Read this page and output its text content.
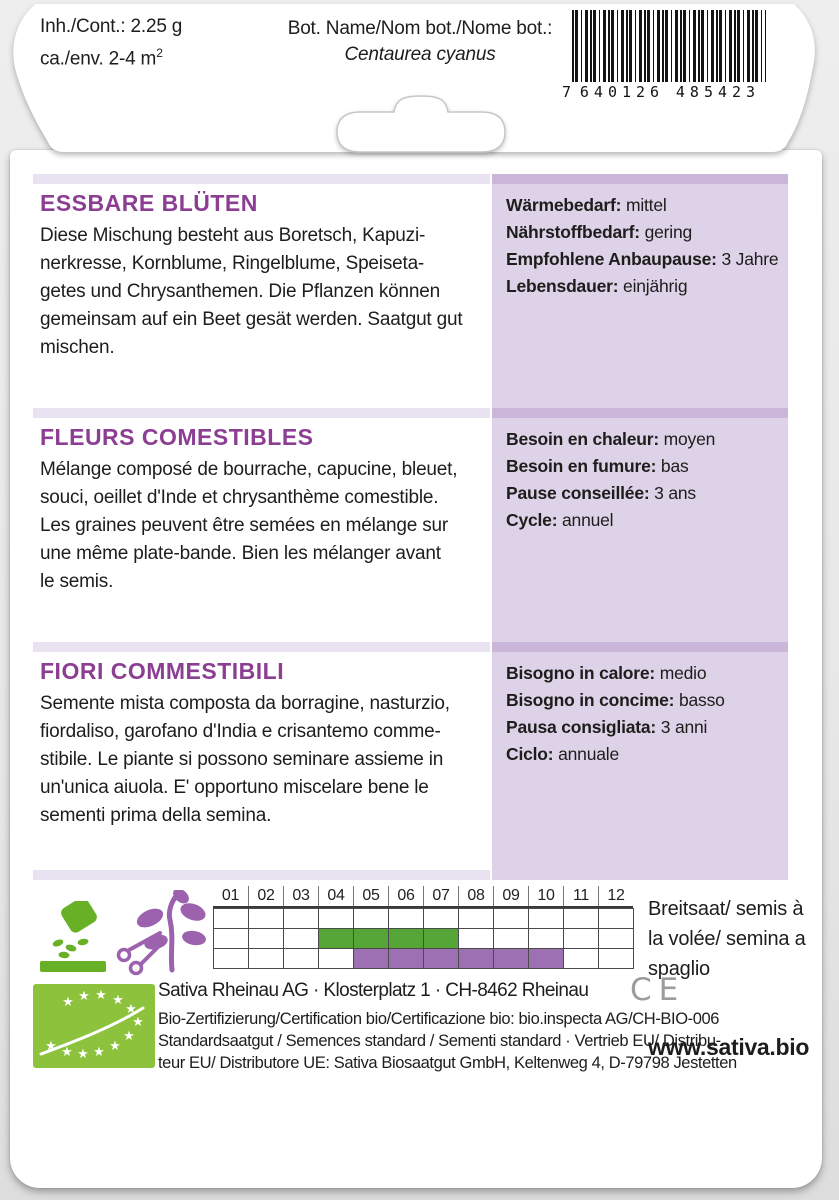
Inh./Cont.: 2.25 g
ca./env. 2-4 $m^2$
Bot. Name/Nom bot./Nome bot.:
Centaurea cyanus
7 640126 485423
ESSBARE BLÜTEN
Diese Mischung besteht aus Boretsch, Kapuzi-
nerkresse, Kornblume, Ringelblume, Speiseta-
getes und Chrysanthemen. Die Pflanzen können
gemeinsam auf ein Beet gesät werden. Saatgut gut
mischen.
Wärmebedarf: mittel
Nährstoffbedarf: gering
Empfohlene Anbaupause: 3 Jahre
Lebensdauer: einjährig
FLEURS COMESTIBLES
Mélange composé de bourrache, capucine, bleuet,
souci, oeillet d'Inde et chrysanthème comestible.
Les graines peuvent être semées en mélange sur
une même plate-bande. Bien les mélanger avant
le semis.
Besoin en chaleur: moyen
Besoin en fumure: bas
Pause conseillée: 3 ans
Cycle: annuel
FIORI COMMESTIBILI
Semente mista composta da borragine, nasturzio,
fiordaliso, garofano d'India e crisantemo comme-
stibile. Le piante si possono seminare assieme in
un'unica aiuola. E' opportuno miscelare bene le
sementi prima della semina.
Bisogno in calore: medio
Bisogno in concime: basso
Pausa consigliata: 3 anni
Ciclo: annuale
01	02	03	04	05	06	07	08	09	10	11	12
Breitsaat/ semis à
la volée/ semina a
spaglio
★ ★ ★ ★ ★
★
★
★
★
★
★
★
Sativa Rheinau AG · Klosterplatz 1 · CH-8462 Rheinau CE
Bio-Zertifizierung/Certification bio/Certificazione bio: bio.inspecta AG/CH-BIO-006
Standardsaatgut / Semences standard / Sementi standard · Vertrieb EU/ Distribu-
teur EU/ Distributore UE: Sativa Biosaatgut GmbH, Keltenweg 4, D-79798 Jestetten
www.sativa.bio
